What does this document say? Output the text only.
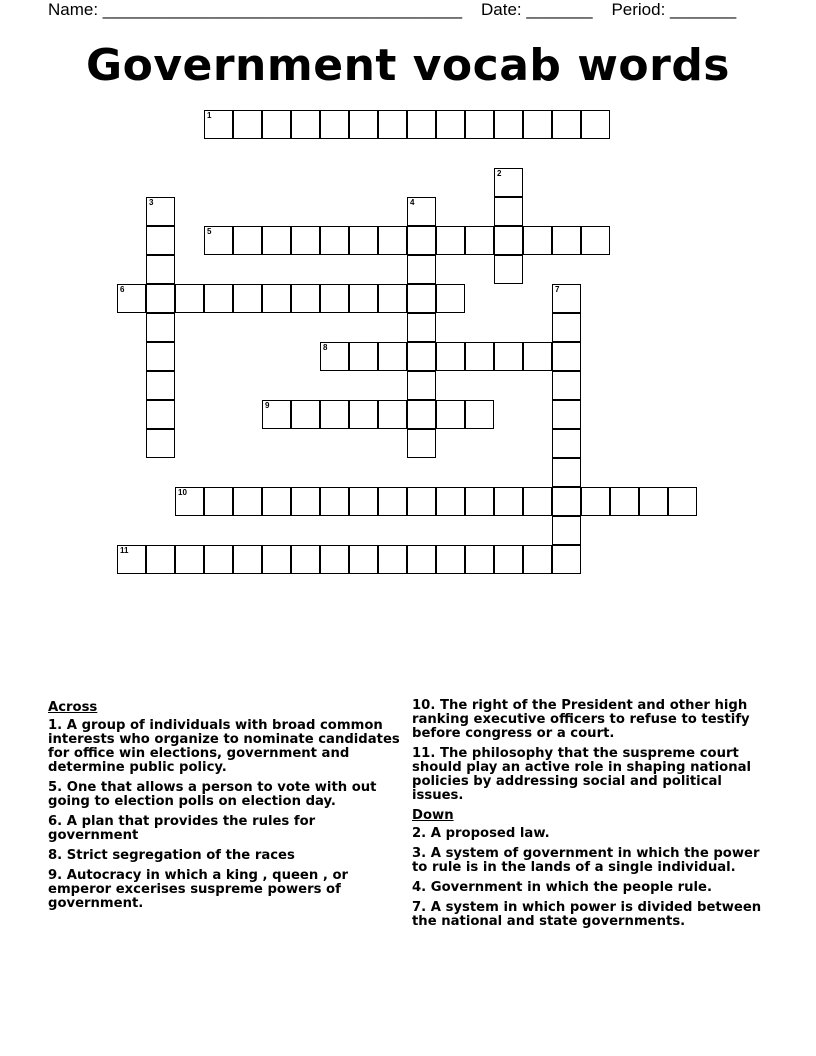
Name: ______________________________________ Date: _______ Period: _______
Government vocab words
1
2
3	4
5
6	7
8
9
10
11
Across
1. A group of individuals with broad common interests who organize to nominate candidates for office win elections, government and determine public policy.
5. One that allows a person to vote with out going to election polls on election day.
6. A plan that provides the rules for government
8. Strict segregation of the races
9. Autocracy in which a king , queen , or emperor excerises suspreme powers of government.
10. The right of the President and other high ranking executive officers to refuse to testify before congress or a court.
11. The philosophy that the suspreme court should play an active role in shaping national policies by addressing social and political issues.
Down
2. A proposed law.
3. A system of government in which the power to rule is in the lands of a single individual.
4. Government in which the people rule.
7. A system in which power is divided between the national and state governments.
